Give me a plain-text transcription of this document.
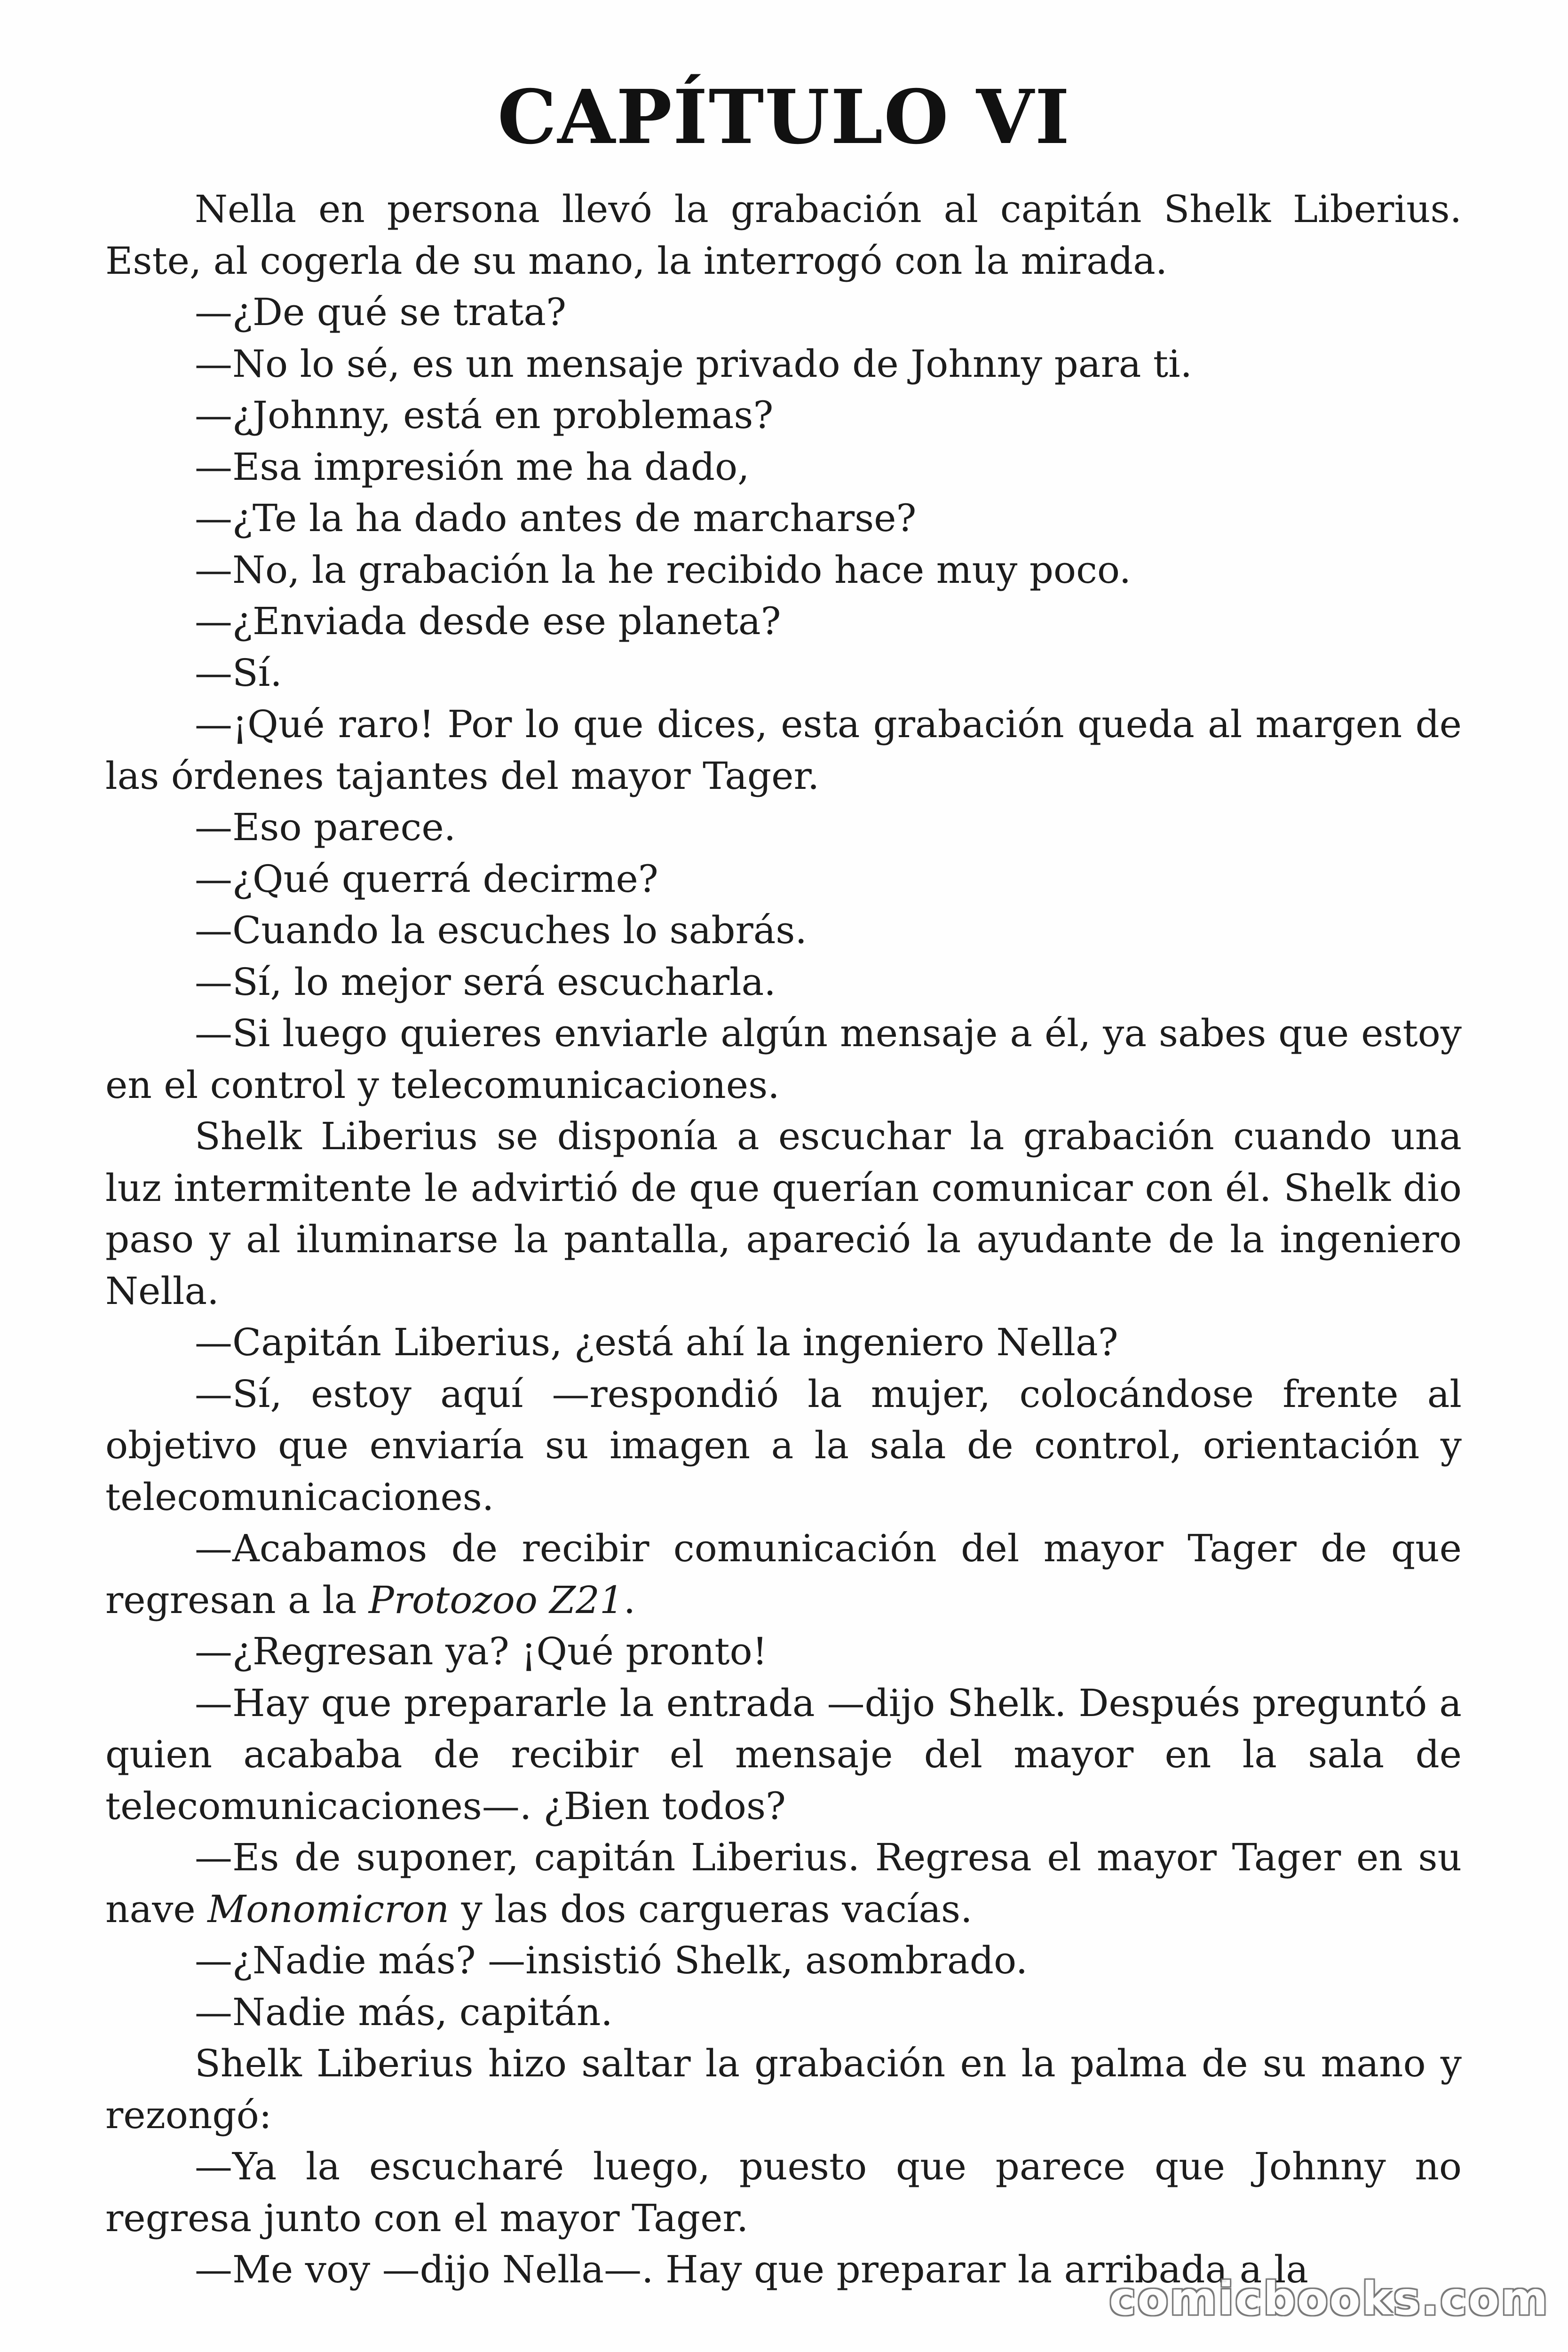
CAPÍTULO VI

Nella en persona llevó la grabación al capitán Shelk Liberius. Este, al cogerla de su mano, la interrogó con la mirada.

—¿De qué se trata?

—No lo sé, es un mensaje privado de Johnny para ti.

—¿Johnny, está en problemas?

—Esa impresión me ha dado,

—¿Te la ha dado antes de marcharse?

—No, la grabación la he recibido hace muy poco.

—¿Enviada desde ese planeta?

—Sí.

—¡Qué raro! Por lo que dices, esta grabación queda al margen de las órdenes tajantes del mayor Tager.

—Eso parece.

—¿Qué querrá decirme?

—Cuando la escuches lo sabrás.

—Sí, lo mejor será escucharla.

—Si luego quieres enviarle algún mensaje a él, ya sabes que estoy en el control y telecomunicaciones.

Shelk Liberius se disponía a escuchar la grabación cuando una luz intermitente le advirtió de que querían comunicar con él. Shelk dio paso y al iluminarse la pantalla, apareció la ayudante de la ingeniero Nella.

—Capitán Liberius, ¿está ahí la ingeniero Nella?

—Sí, estoy aquí —respondió la mujer, colocándose frente al objetivo que enviaría su imagen a la sala de control, orientación y telecomunicaciones.

—Acabamos de recibir comunicación del mayor Tager de que regresan a la Protozoo Z21.

—¿Regresan ya? ¡Qué pronto!

—Hay que prepararle la entrada —dijo Shelk. Después preguntó a quien acababa de recibir el mensaje del mayor en la sala de telecomunicaciones—. ¿Bien todos?

—Es de suponer, capitán Liberius. Regresa el mayor Tager en su nave Monomicron y las dos cargueras vacías.

—¿Nadie más? —insistió Shelk, asombrado.

—Nadie más, capitán.

Shelk Liberius hizo saltar la grabación en la palma de su mano y rezongó:

—Ya la escucharé luego, puesto que parece que Johnny no regresa junto con el mayor Tager.

—Me voy —dijo Nella—. Hay que preparar la arribada a la

comicbooks.com
